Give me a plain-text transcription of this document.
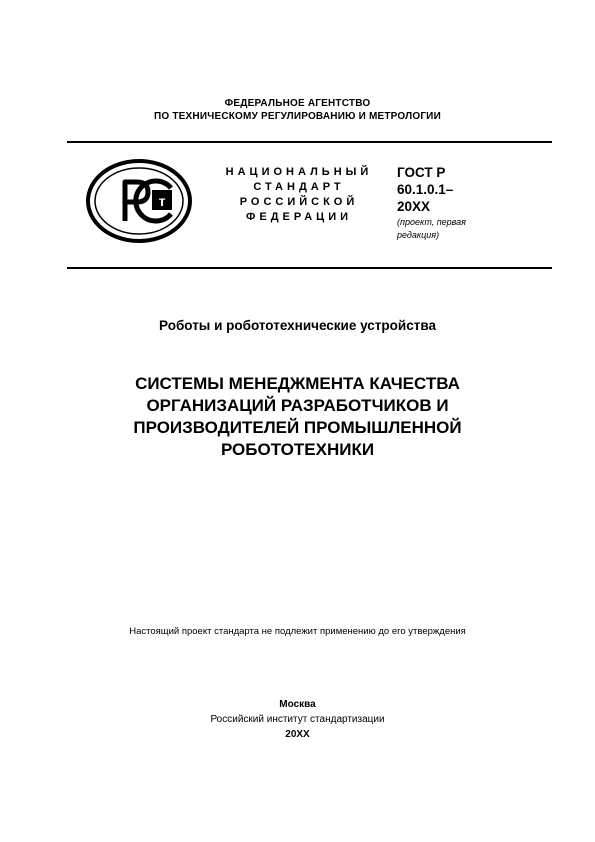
ФЕДЕРАЛЬНОЕ АГЕНТСТВО
ПО ТЕХНИЧЕСКОМУ РЕГУЛИРОВАНИЮ И МЕТРОЛОГИИ
т
НАЦИОНАЛЬНЫЙ
СТАНДАРТ
РОССИЙСКОЙ
ФЕДЕРАЦИИ
ГОСТ Р
60.1.0.1–
20XX
(проект, первая
редакция)
Роботы и робототехнические устройства
СИСТЕМЫ МЕНЕДЖМЕНТА КАЧЕСТВА
ОРГАНИЗАЦИЙ РАЗРАБОТЧИКОВ И
ПРОИЗВОДИТЕЛЕЙ ПРОМЫШЛЕННОЙ
РОБОТОТЕХНИКИ
Настоящий проект стандарта не подлежит применению до его утверждения
Москва
Российский институт стандартизации
20XX
